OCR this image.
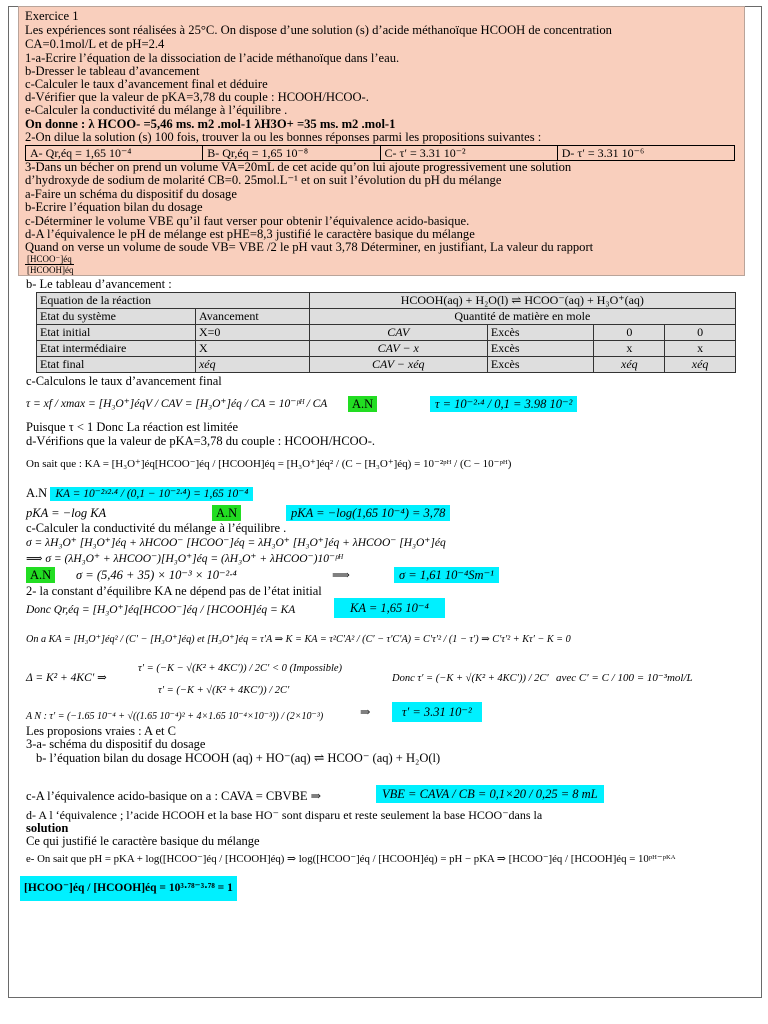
Exercice 1
Les expériences sont réalisées à 25°C. On dispose d’une solution (s) d’acide méthanoïque HCOOH de concentration
CA=0.1mol/L et de pH=2.4
1-a-Ecrire l’équation de la dissociation de l’acide méthanoïque dans l’eau.
b-Dresser le tableau d’avancement
c-Calculer le taux d’avancement final et déduire
d-Vérifier que la valeur de pKA=3,78 du couple : HCOOH/HCOO-.
e-Calculer la conductivité du mélange à l’équilibre .
On donne : λ HCOO- =5,46 ms. m2 .mol-1 λH3O+ =35 ms. m2 .mol-1
2-On dilue la solution (s) 100 fois, trouver la ou les bonnes réponses parmi les propositions suivantes :
A- Qr,éq = 1,65 10⁻⁴	B- Qr,éq = 1,65 10⁻⁸	C- τ′ = 3.31 10⁻²	D- τ′ = 3.31 10⁻⁶
3-Dans un bécher on prend un volume VA=20mL de cet acide qu’on lui ajoute progressivement une solution
d’hydroxyde de sodium de molarité CB=0. 25mol.L⁻¹ et on suit l’évolution du pH du mélange
a-Faire un schéma du dispositif du dosage
b-Ecrire l’équation bilan du dosage
c-Déterminer le volume VBE qu’il faut verser pour obtenir l’équivalence acido-basique.
d-A l’équivalence le pH de mélange est pHE=8,3 justifié le caractère basique du mélange
Quand on verse un volume de soude VB= VBE /2 le pH vaut 3,78 Déterminer, en justifiant, La valeur du rapport
[HCOO⁻]éq
[HCOOH]éq
b- Le tableau d’avancement :
Equation de la réaction		HCOOH(aq) + H₂O(l) ⇌ HCOO⁻(aq) + H₃O⁺(aq)			
Etat du système	Avancement	Quantité de matière en mole			
Etat initial	X=0	CAV	Excès	0	0
Etat intermédiaire	X	CAV − x	Excès	x	x
Etat final	xéq	CAV − xéq	Excès	xéq	xéq
c-Calculons le taux d’avancement final
τ = xf / xmax = [H₃O⁺]éqV / CAV = [H₃O⁺]éq / CA = 10⁻ᵖᴴ / CA	A.N	τ = 10⁻²·⁴ / 0,1 = 3.98 10⁻²
Puisque τ < 1 Donc La réaction est limitée
d-Vérifions que la valeur de pKA=3,78 du couple : HCOOH/HCOO-.
On sait que : KA = [H₃O⁺]éq[HCOO⁻]éq / [HCOOH]éq = [H₃O⁺]éq² / (C − [H₃O⁺]éq) = 10⁻²ᵖᴴ / (C − 10⁻ᵖᴴ)
A.N KA = 10⁻²ˣ²·⁴ / (0,1 − 10⁻²·⁴) = 1,65 10⁻⁴
pKA = −log KA	A.N	pKA = −log(1,65 10⁻⁴) = 3,78
c-Calculer la conductivité du mélange à l’équilibre .
σ = λH₃O⁺ [H₃O⁺]éq + λHCOO⁻ [HCOO⁻]éq = λH₃O⁺ [H₃O⁺]éq + λHCOO⁻ [H₃O⁺]éq
⟹ σ = (λH₃O⁺ + λHCOO⁻)[H₃O⁺]éq = (λH₃O⁺ + λHCOO⁻)10⁻ᵖᴴ
A.N	σ = (5,46 + 35) × 10⁻³ × 10⁻²·⁴	⟹	σ = 1,61 10⁻⁴Sm⁻¹
2- la constant d’équilibre KA ne dépend pas de l’état initial
Donc Qr,éq = [H₃O⁺]éq[HCOO⁻]éq / [HCOOH]éq = KA	KA = 1,65 10⁻⁴
On a KA = [H₃O⁺]éq² / (C′ − [H₃O⁺]éq) et [H₃O⁺]éq = τ′A ⇒ K = KA = τ²C′A² / (C′ − τ′C′A) = C′τ′² / (1 − τ′) ⇒ C′τ′² + Kτ′ − K = 0
Δ = K² + 4KC′ ⇒
τ′ = (−K − √(K² + 4KC′)) / 2C′ < 0 (Impossible)
τ′ = (−K + √(K² + 4KC′)) / 2C′
Donc τ′ = (−K + √(K² + 4KC′)) / 2C′ avec C′ = C / 100 = 10⁻³mol/L
A N : τ′ = (−1.65 10⁻⁴ + √((1.65 10⁻⁴)² + 4×1.65 10⁻⁴×10⁻³)) / (2×10⁻³)	⇒	τ′ = 3.31 10⁻²
Les proposions vraies : A et C
3-a- schéma du dispositif du dosage
b- l’équation bilan du dosage HCOOH (aq) + HO⁻(aq) ⇌ HCOO⁻ (aq) + H₂O(l)
c-A l’équivalence acido-basique on a : CAVA = CBVBE ⇒	VBE = CAVA / CB = 0,1×20 / 0,25 = 8 mL
d- A l ‘équivalence ; l’acide HCOOH et la base HO⁻ sont disparu et reste seulement la base HCOO⁻dans la
solution
Ce qui justifié le caractère basique du mélange
e- On sait que pH = pKA + log([HCOO⁻]éq / [HCOOH]éq) ⇒ log([HCOO⁻]éq / [HCOOH]éq) = pH − pKA ⇒ [HCOO⁻]éq / [HCOOH]éq = 10ᵖᴴ⁻ᵖᴷᴬ
[HCOO⁻]éq / [HCOOH]éq = 10³·⁷⁸⁻³·⁷⁸ = 1
